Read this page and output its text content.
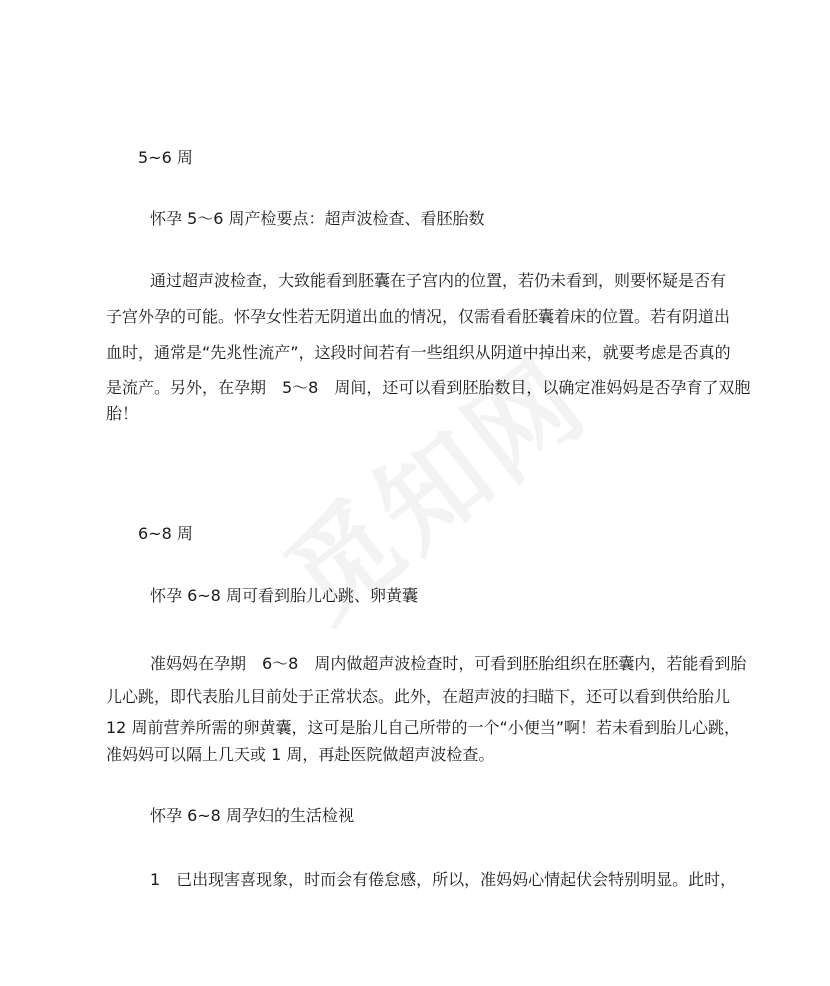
5~6 周
怀孕 5～6 周产检要点：超声波检查、看胚胎数
通过超声波检查，大致能看到胚囊在子宫内的位置，若仍未看到，则要怀疑是否有
子宫外孕的可能。怀孕女性若无阴道出血的情况，仅需看看胚囊着床的位置。若有阴道出
血时，通常是“先兆性流产”，这段时间若有一些组织从阴道中掉出来，就要考虑是否真的
是流产。另外，在孕期　5～8　周间，还可以看到胚胎数目，以确定准妈妈是否孕育了双胞
胎！
6~8 周
怀孕 6~8 周可看到胎儿心跳、卵黄囊
准妈妈在孕期　6～8　周内做超声波检查时，可看到胚胎组织在胚囊内，若能看到胎
儿心跳，即代表胎儿目前处于正常状态。此外，在超声波的扫瞄下，还可以看到供给胎儿
12 周前营养所需的卵黄囊，这可是胎儿自己所带的一个“小便当”啊！若未看到胎儿心跳，
准妈妈可以隔上几天或 1 周，再赴医院做超声波检查。
怀孕 6~8 周孕妇的生活检视
1　已出现害喜现象，时而会有倦怠感，所以，准妈妈心情起伏会特别明显。此时，
